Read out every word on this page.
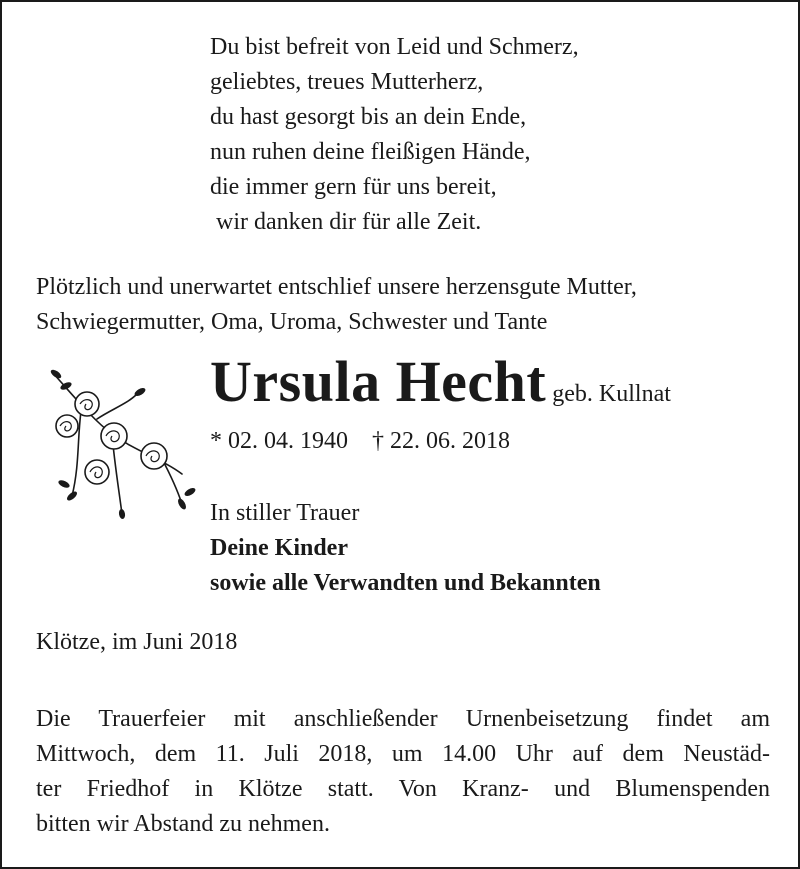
Du bist befreit von Leid und Schmerz,
geliebtes, treues Mutterherz,
du hast gesorgt bis an dein Ende,
nun ruhen deine fleißigen Hände,
die immer gern für uns bereit,
wir danken dir für alle Zeit.
Plötzlich und unerwartet entschlief unsere herzensgute Mutter,
Schwiegermutter, Oma, Uroma, Schwester und Tante
Ursula Hecht geb. Kullnat
* 02. 04. 1940 † 22. 06. 2018
In stiller Trauer
Deine Kinder
sowie alle Verwandten und Bekannten
Klötze, im Juni 2018
Die Trauerfeier mit anschließender Urnenbeisetzung findet am
Mittwoch, dem 11. Juli 2018, um 14.00 Uhr auf dem Neustäd-
ter Friedhof in Klötze statt. Von Kranz- und Blumenspenden
bitten wir Abstand zu nehmen.
